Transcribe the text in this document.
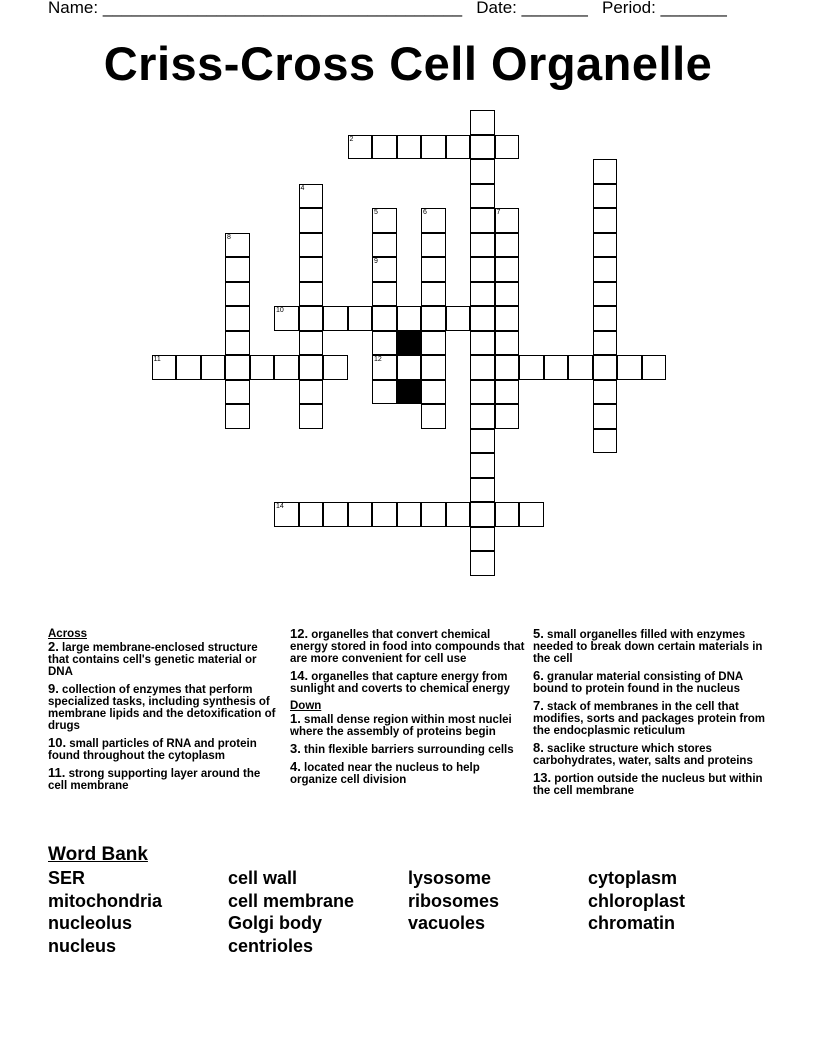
Name: ______________________________________ Date: _______ Period: _______
Criss-Cross Cell Organelle
2
10
11	12
14
4
5
9
6	7
8
Across
2. large membrane-enclosed structure that contains cell's genetic material or DNA
9. collection of enzymes that perform specialized tasks, including synthesis of membrane lipids and the detoxification of drugs
10. small particles of RNA and protein found throughout the cytoplasm
11. strong supporting layer around the cell membrane
12. organelles that convert chemical energy stored in food into compounds that are more convenient for cell use
14. organelles that capture energy from sunlight and coverts to chemical energy
Down
1. small dense region within most nuclei where the assembly of proteins begin
3. thin flexible barriers surrounding cells
4. located near the nucleus to help organize cell division
5. small organelles filled with enzymes needed to break down certain materials in the cell
6. granular material consisting of DNA bound to protein found in the nucleus
7. stack of membranes in the cell that modifies, sorts and packages protein from the endocplasmic reticulum
8. saclike structure which stores carbohydrates, water, salts and proteins
13. portion outside the nucleus but within the cell membrane
Word Bank
SER
mitochondria
nucleolus
nucleus
cell wall
cell membrane
Golgi body
centrioles
lysosome
ribosomes
vacuoles
cytoplasm
chloroplast
chromatin
